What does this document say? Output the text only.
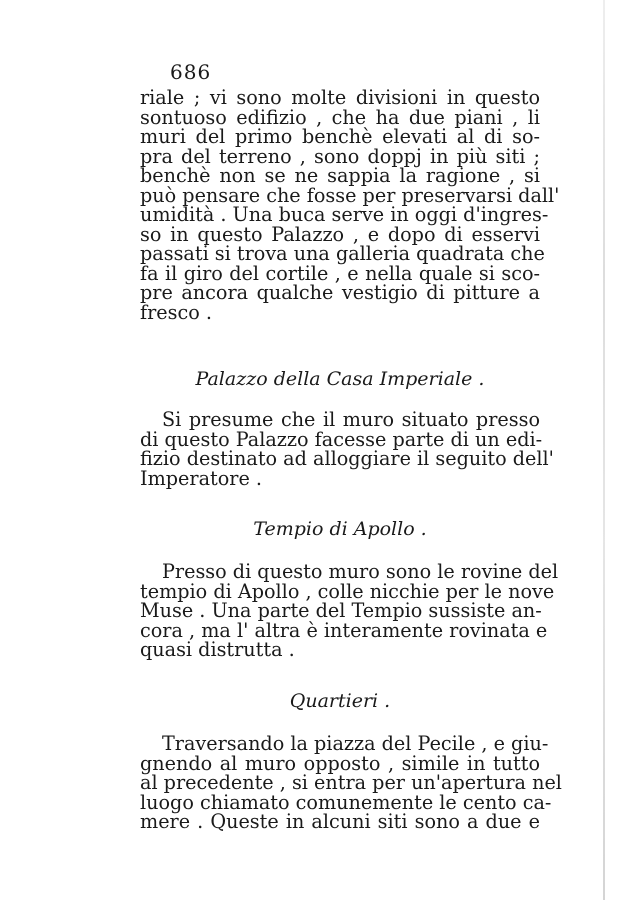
686
riale ; vi sono molte divisioni in questo
sontuoso edifizio , che ha due piani , li
muri del primo benchè elevati al di so-
pra del terreno , sono doppj in più siti ;
benchè non se ne sappia la ragione , si
può pensare che fosse per preservarsi dall'
umidità . Una buca serve in oggi d'ingres-
so in questo Palazzo , e dopo di esservi
passati si trova una galleria quadrata che
fa il giro del cortile , e nella quale si sco-
pre ancora qualche vestigio di pitture a
fresco .
Palazzo della Casa Imperiale .
Si presume che il muro situato presso
di questo Palazzo facesse parte di un edi-
fizio destinato ad alloggiare il seguito dell'
Imperatore .
Tempio di Apollo .
Presso di questo muro sono le rovine del
tempio di Apollo , colle nicchie per le nove
Muse . Una parte del Tempio sussiste an-
cora , ma l' altra è interamente rovinata e
quasi distrutta .
Quartieri .
Traversando la piazza del Pecile , e giu-
gnendo al muro opposto , simile in tutto
al precedente , si entra per un'apertura nel
luogo chiamato comunemente le cento ca-
mere . Queste in alcuni siti sono a due e
